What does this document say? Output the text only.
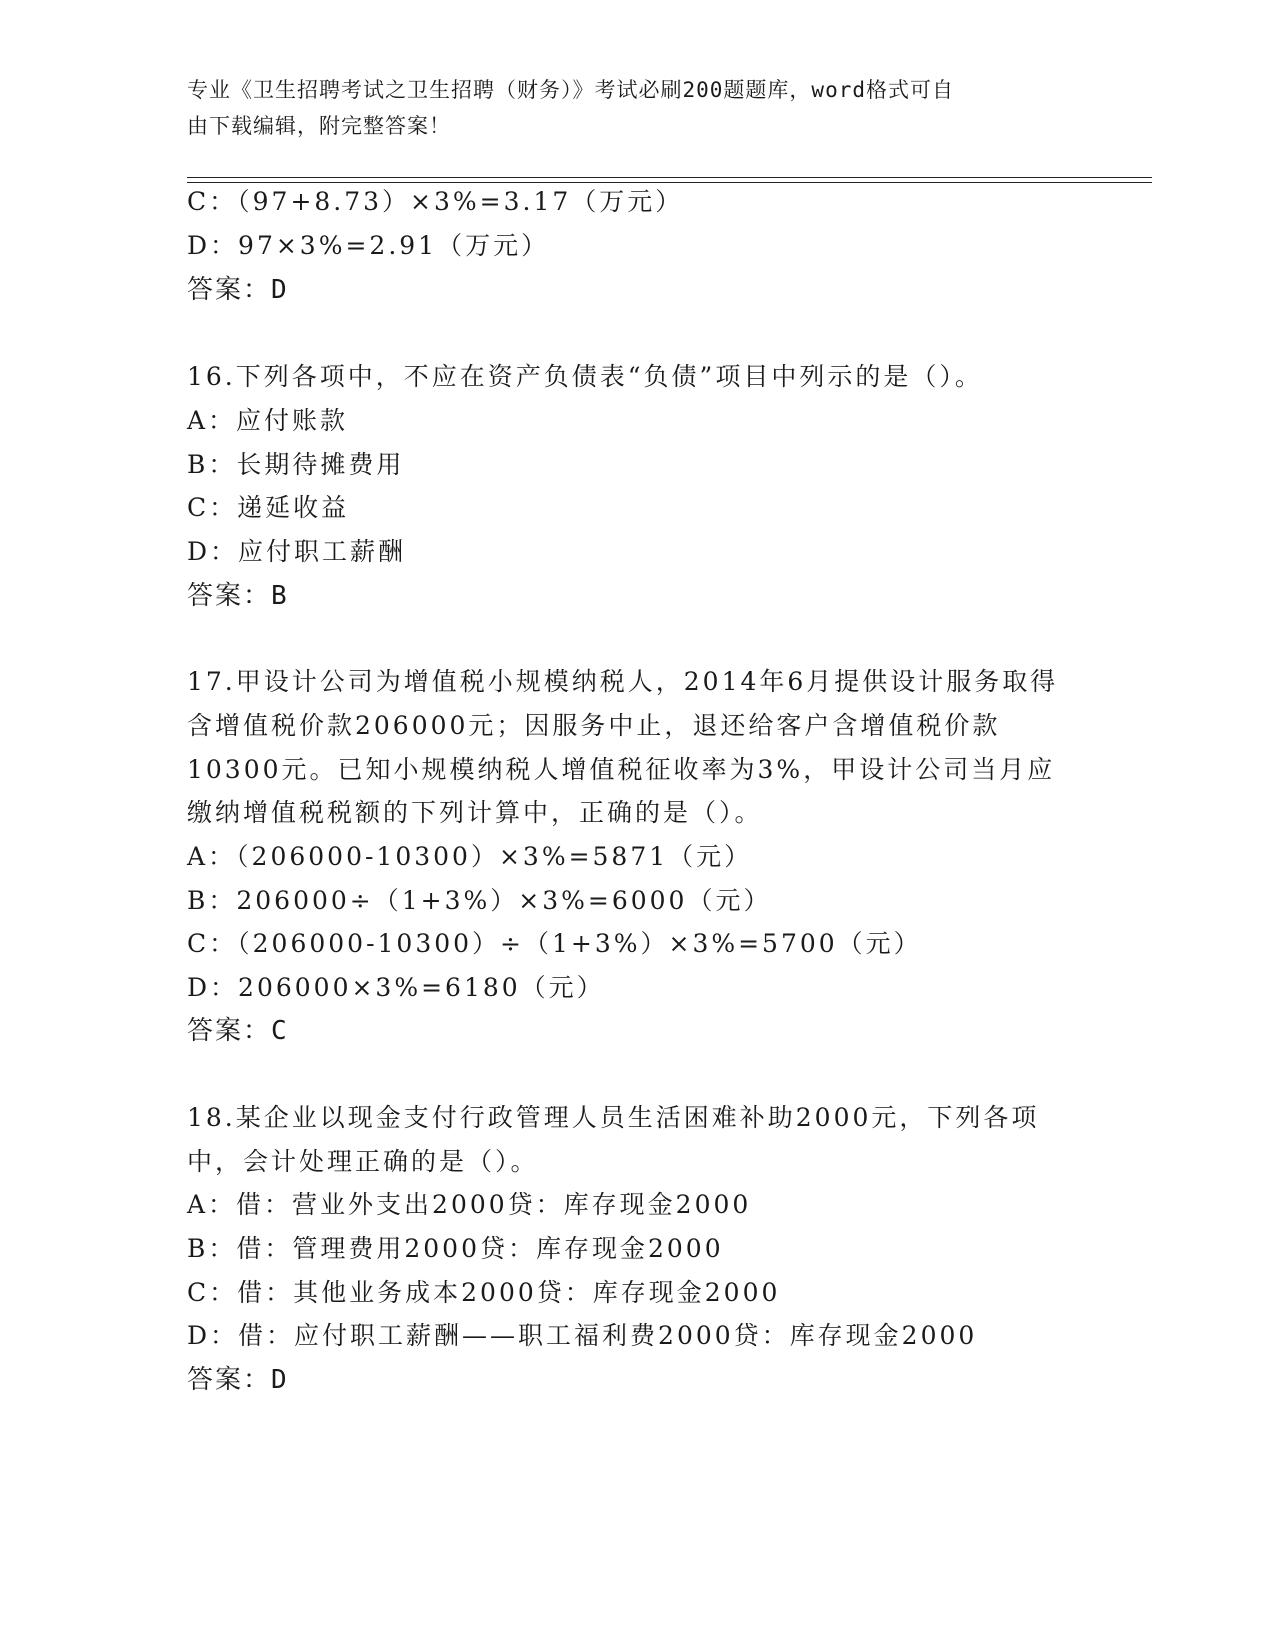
专业《卫生招聘考试之卫生招聘（财务）》考试必刷200题题库，word格式可自
由下载编辑，附完整答案！
C：（97+8.73）×3%=3.17（万元）
D：97×3%=2.91（万元）
答案：D
16.下列各项中，不应在资产负债表“负债”项目中列示的是（）。
A：应付账款
B：长期待摊费用
C：递延收益
D：应付职工薪酬
答案：B
17.甲设计公司为增值税小规模纳税人，2014年6月提供设计服务取得
含增值税价款206000元；因服务中止，退还给客户含增值税价款
10300元。已知小规模纳税人增值税征收率为3%，甲设计公司当月应
缴纳增值税税额的下列计算中，正确的是（）。
A：（206000-10300）×3%=5871（元）
B：206000÷（1+3%）×3%=6000（元）
C：（206000-10300）÷（1+3%）×3%=5700（元）
D：206000×3%=6180（元）
答案：C
18.某企业以现金支付行政管理人员生活困难补助2000元，下列各项
中，会计处理正确的是（）。
A：借：营业外支出2000贷：库存现金2000
B：借：管理费用2000贷：库存现金2000
C：借：其他业务成本2000贷：库存现金2000
D：借：应付职工薪酬——职工福利费2000贷：库存现金2000
答案：D
